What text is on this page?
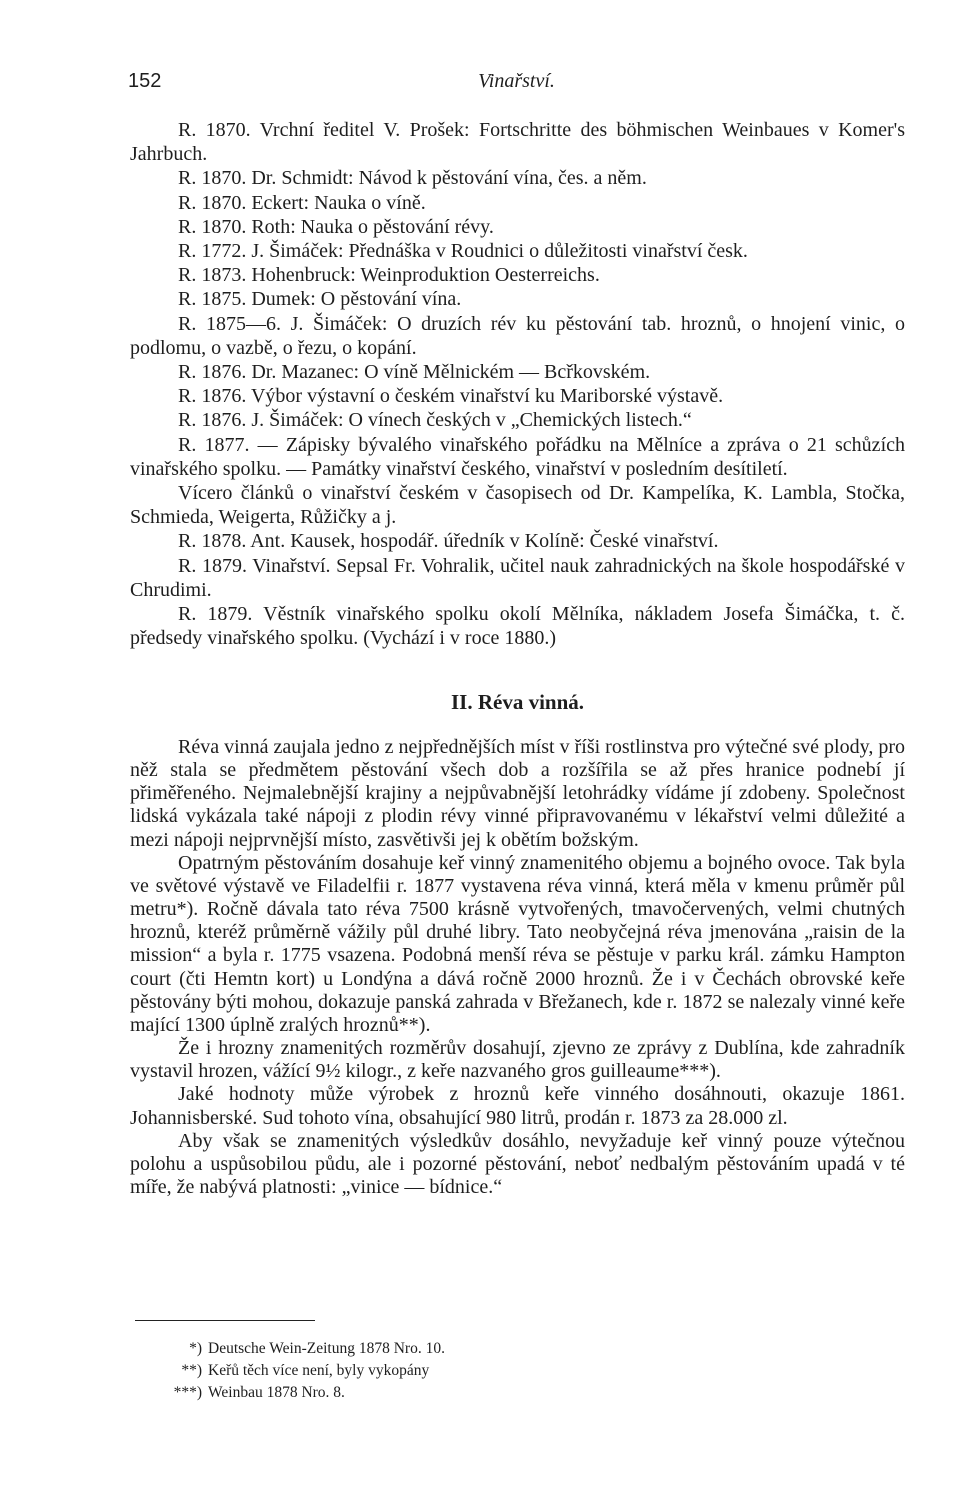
152	Vinařství.

R. 1870. Vrchní ředitel V. Prošek: Fortschritte des böhmischen Weinbaues v Komer's Jahrbuch.

R. 1870. Dr. Schmidt: Návod k pěstování vína, čes. a něm.

R. 1870. Eckert: Nauka o víně.

R. 1870. Roth: Nauka o pěstování révy.

R. 1772. J. Šimáček: Přednáška v Roudnici o důležitosti vinařství česk.

R. 1873. Hohenbruck: Weinproduktion Oesterreichs.

R. 1875. Dumek: O pěstování vína.

R. 1875—6. J. Šimáček: O druzích rév ku pěstování tab. hroznů, o hnojení vinic, o podlomu, o vazbě, o řezu, o kopání.

R. 1876. Dr. Mazanec: O víně Mělnickém — Bcřkovském.

R. 1876. Výbor výstavní o českém vinařství ku Mariborské výstavě.

R. 1876. J. Šimáček: O vínech českých v „Chemických listech.“

R. 1877. — Zápisky bývalého vinařského pořádku na Mělníce a zpráva o 21 schůzích vinařského spolku. — Památky vinařství českého, vinařství v posledním desítiletí.

Vícero článků o vinařství českém v časopisech od Dr. Kampelíka, K. Lambla, Stočka, Schmieda, Weigerta, Růžičky a j.

R. 1878. Ant. Kausek, hospodář. úředník v Kolíně: České vinařství.

R. 1879. Vinařství. Sepsal Fr. Vohralik, učitel nauk zahradnických na škole hospodářské v Chrudimi.

R. 1879. Věstník vinařského spolku okolí Mělníka, nákladem Josefa Šimáčka, t. č. předsedy vinařského spolku. (Vychází i v roce 1880.)

II. Réva vinná.

Réva vinná zaujala jedno z nejpřednějších míst v říši rostlinstva pro výtečné své plody, pro něž stala se předmětem pěstování všech dob a rozšířila se až přes hranice podnebí jí přiměřeného. Nejmalebnější krajiny a nejpůvabnější letohrádky vídáme jí zdobeny. Společnost lidská vykázala také nápoji z plodin révy vinné připravovanému v lékařství velmi důležité a mezi nápoji nejprvnější místo, zasvětivši jej k obětím božským.

Opatrným pěstováním dosahuje keř vinný znamenitého objemu a bojného ovoce. Tak byla ve světové výstavě ve Filadelfii r. 1877 vystavena réva vinná, která měla v kmenu průměr půl metru*). Ročně dávala tato réva 7500 krásně vytvořených, tmavočervených, velmi chutných hroznů, kteréž průměrně vážily půl druhé libry. Tato neobyčejná réva jmenována „raisin de la mission“ a byla r. 1775 vsazena. Podobná menší réva se pěstuje v parku král. zámku Hampton court (čti Hemtn kort) u Londýna a dává ročně 2000 hroznů. Že i v Čechách obrovské keře pěstovány býti mohou, dokazuje panská zahrada v Břežanech, kde r. 1872 se nalezaly vinné keře mající 1300 úplně zralých hroznů**).

Že i hrozny znamenitých rozměrův dosahují, zjevno ze zprávy z Dublína, kde zahradník vystavil hrozen, vážící 9½ kilogr., z keře nazvaného gros guilleaume***).

Jaké hodnoty může výrobek z hroznů keře vinného dosáhnouti, okazuje 1861. Johannisberské. Sud tohoto vína, obsahující 980 litrů, prodán r. 1873 za 28.000 zl.

Aby však se znamenitých výsledkův dosáhlo, nevyžaduje keř vinný pouze výtečnou polohu a uspůsobilou půdu, ale i pozorné pěstování, neboť nedbalým pěstováním upadá v té míře, že nabývá platnosti: „vinice — bídnice.“

*) Deutsche Wein-Zeitung 1878 Nro. 10.

**) Keřů těch více není, byly vykopány

***) Weinbau 1878 Nro. 8.
